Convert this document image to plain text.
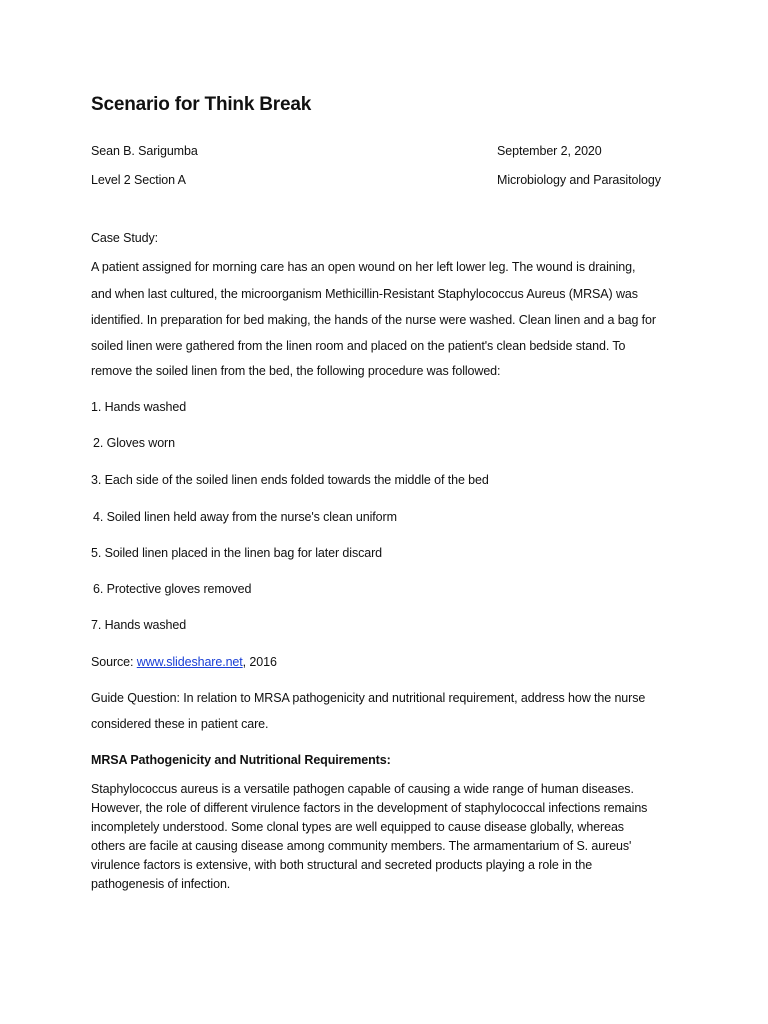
Scenario for Think Break
Sean B. Sarigumba	September 2, 2020
Level 2 Section A	Microbiology and Parasitology
Case Study:
A patient assigned for morning care has an open wound on her left lower leg. The wound is draining,
and when last cultured, the microorganism Methicillin-Resistant Staphylococcus Aureus (MRSA) was
identified. In preparation for bed making, the hands of the nurse were washed. Clean linen and a bag for
soiled linen were gathered from the linen room and placed on the patient's clean bedside stand. To
remove the soiled linen from the bed, the following procedure was followed:
1. Hands washed
2. Gloves worn
3. Each side of the soiled linen ends folded towards the middle of the bed
4. Soiled linen held away from the nurse's clean uniform
5. Soiled linen placed in the linen bag for later discard
6. Protective gloves removed
7. Hands washed
Source: www.slideshare.net, 2016
Guide Question: In relation to MRSA pathogenicity and nutritional requirement, address how the nurse
considered these in patient care.
MRSA Pathogenicity and Nutritional Requirements:
Staphylococcus aureus is a versatile pathogen capable of causing a wide range of human diseases.
However, the role of different virulence factors in the development of staphylococcal infections remains
incompletely understood. Some clonal types are well equipped to cause disease globally, whereas
others are facile at causing disease among community members. The armamentarium of S. aureus'
virulence factors is extensive, with both structural and secreted products playing a role in the
pathogenesis of infection.
